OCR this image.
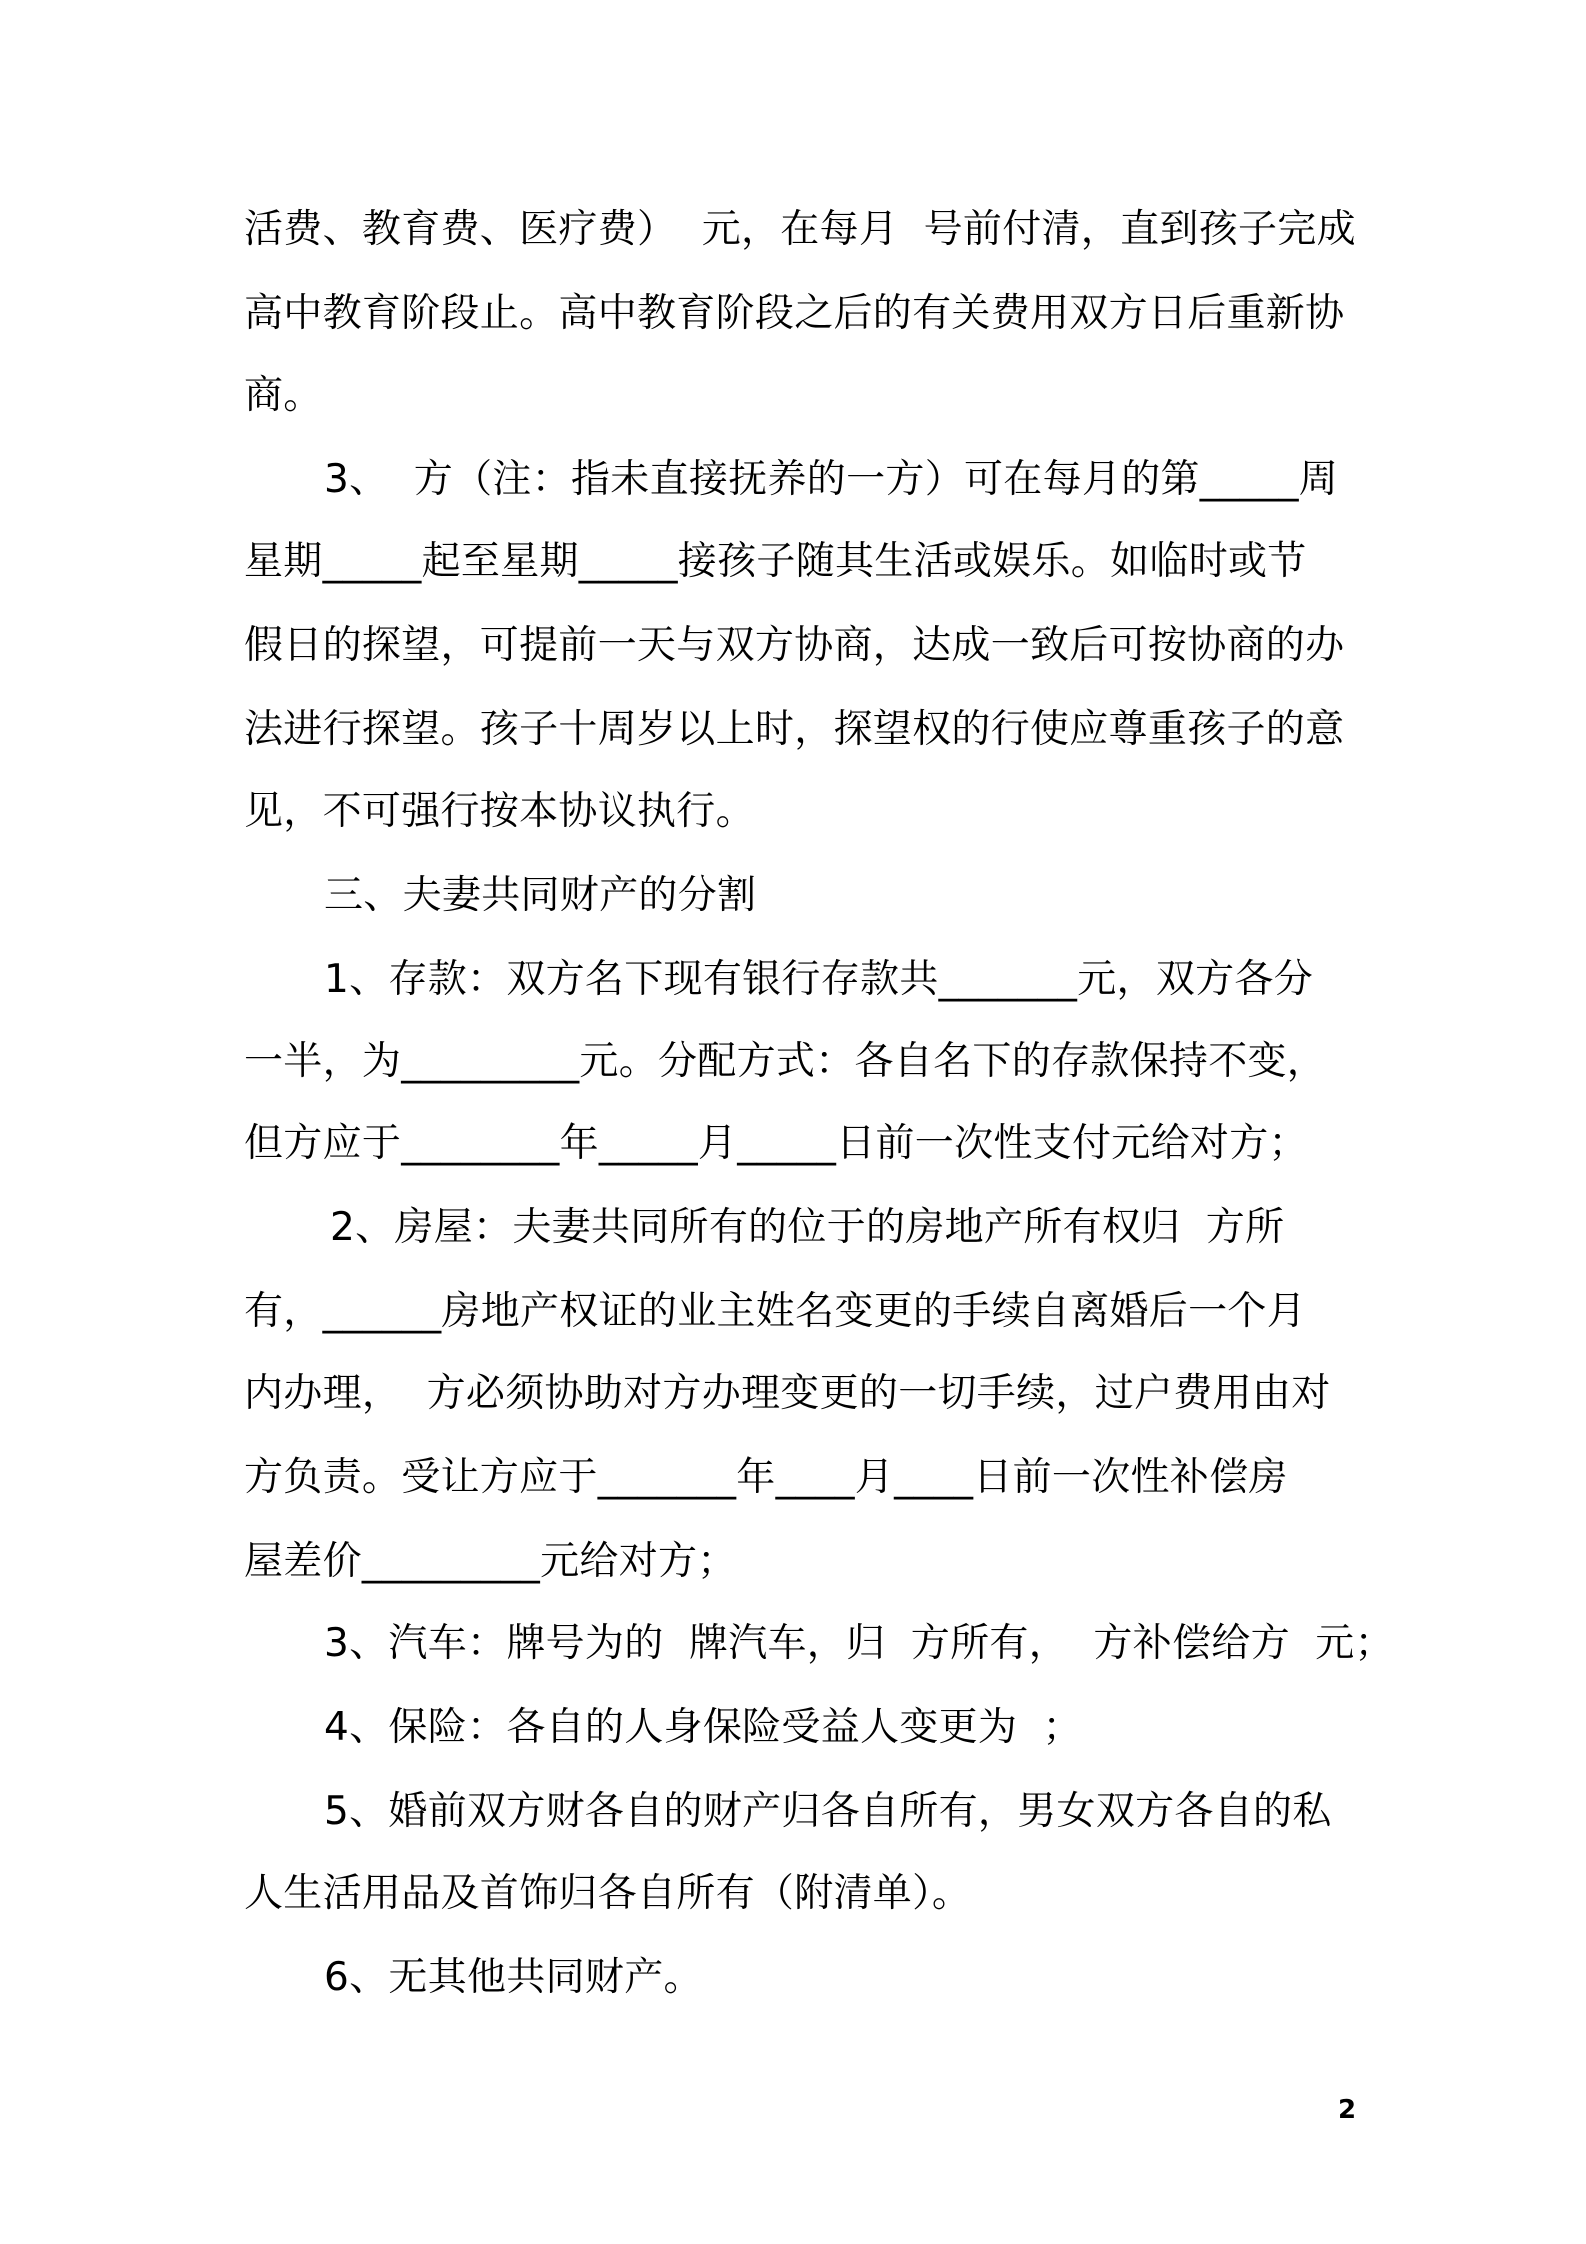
活费、教育费、医疗费）  元，在每月  号前付清，直到孩子完成
高中教育阶段止。高中教育阶段之后的有关费用双方日后重新协
商。
3、  方（注：指未直接抚养的一方）可在每月的第_____周
星期_____起至星期_____接孩子随其生活或娱乐。如临时或节
假日的探望，可提前一天与双方协商，达成一致后可按协商的办
法进行探望。孩子十周岁以上时，探望权的行使应尊重孩子的意
见，不可强行按本协议执行。
三、夫妻共同财产的分割
1、存款：双方名下现有银行存款共_______元，双方各分
一半，为_________元。分配方式：各自名下的存款保持不变，
但方应于________年_____月_____日前一次性支付元给对方；
2、房屋：夫妻共同所有的位于的房地产所有权归  方所
有，______房地产权证的业主姓名变更的手续自离婚后一个月
内办理，  方必须协助对方办理变更的一切手续，过户费用由对
方负责。受让方应于_______年____月____日前一次性补偿房
屋差价_________元给对方；
3、汽车：牌号为的  牌汽车，归  方所有，  方补偿给方  元；
4、保险：各自的人身保险受益人变更为  ；
5、婚前双方财各自的财产归各自所有，男女双方各自的私
人生活用品及首饰归各自所有（附清单）。
6、无其他共同财产。
2
